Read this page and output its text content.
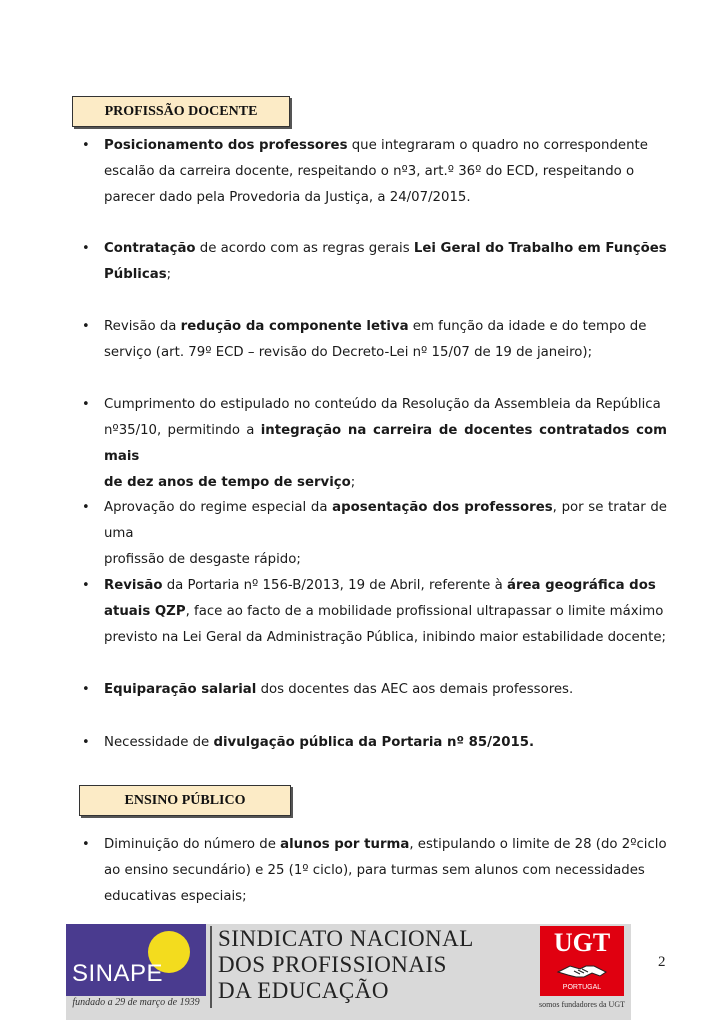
PROFISSÃO DOCENTE
• Posicionamento dos professores que integraram o quadro no correspondente
escalão da carreira docente, respeitando o nº3, art.º 36º do ECD, respeitando o
parecer dado pela Provedoria da Justiça, a 24/07/2015.
• Contratação de acordo com as regras gerais Lei Geral do Trabalho em Funções
Públicas;
• Revisão da redução da componente letiva em função da idade e do tempo de
serviço (art. 79º ECD – revisão do Decreto-Lei nº 15/07 de 19 de janeiro);
• Cumprimento do estipulado no conteúdo da Resolução da Assembleia da República
nº35/10, permitindo a integração na carreira de docentes contratados com mais
de dez anos de tempo de serviço;
• Aprovação do regime especial da aposentação dos professores, por se tratar de uma
profissão de desgaste rápido;
• Revisão da Portaria nº 156-B/2013, 19 de Abril, referente à área geográfica dos
atuais QZP, face ao facto de a mobilidade profissional ultrapassar o limite máximo
previsto na Lei Geral da Administração Pública, inibindo maior estabilidade docente;
• Equiparação salarial dos docentes das AEC aos demais professores.
• Necessidade de divulgação pública da Portaria nº 85/2015.
ENSINO PÚBLICO
• Diminuição do número de alunos por turma, estipulando o limite de 28 (do 2ºciclo
ao ensino secundário) e 25 (1º ciclo), para turmas sem alunos com necessidades
educativas especiais;
SINAPE
fundado a 29 de março de 1939
SINDICATO NACIONAL
DOS PROFISSIONAIS
DA EDUCAÇÃO
UGT
PORTUGAL
somos fundadores da UGT
2
